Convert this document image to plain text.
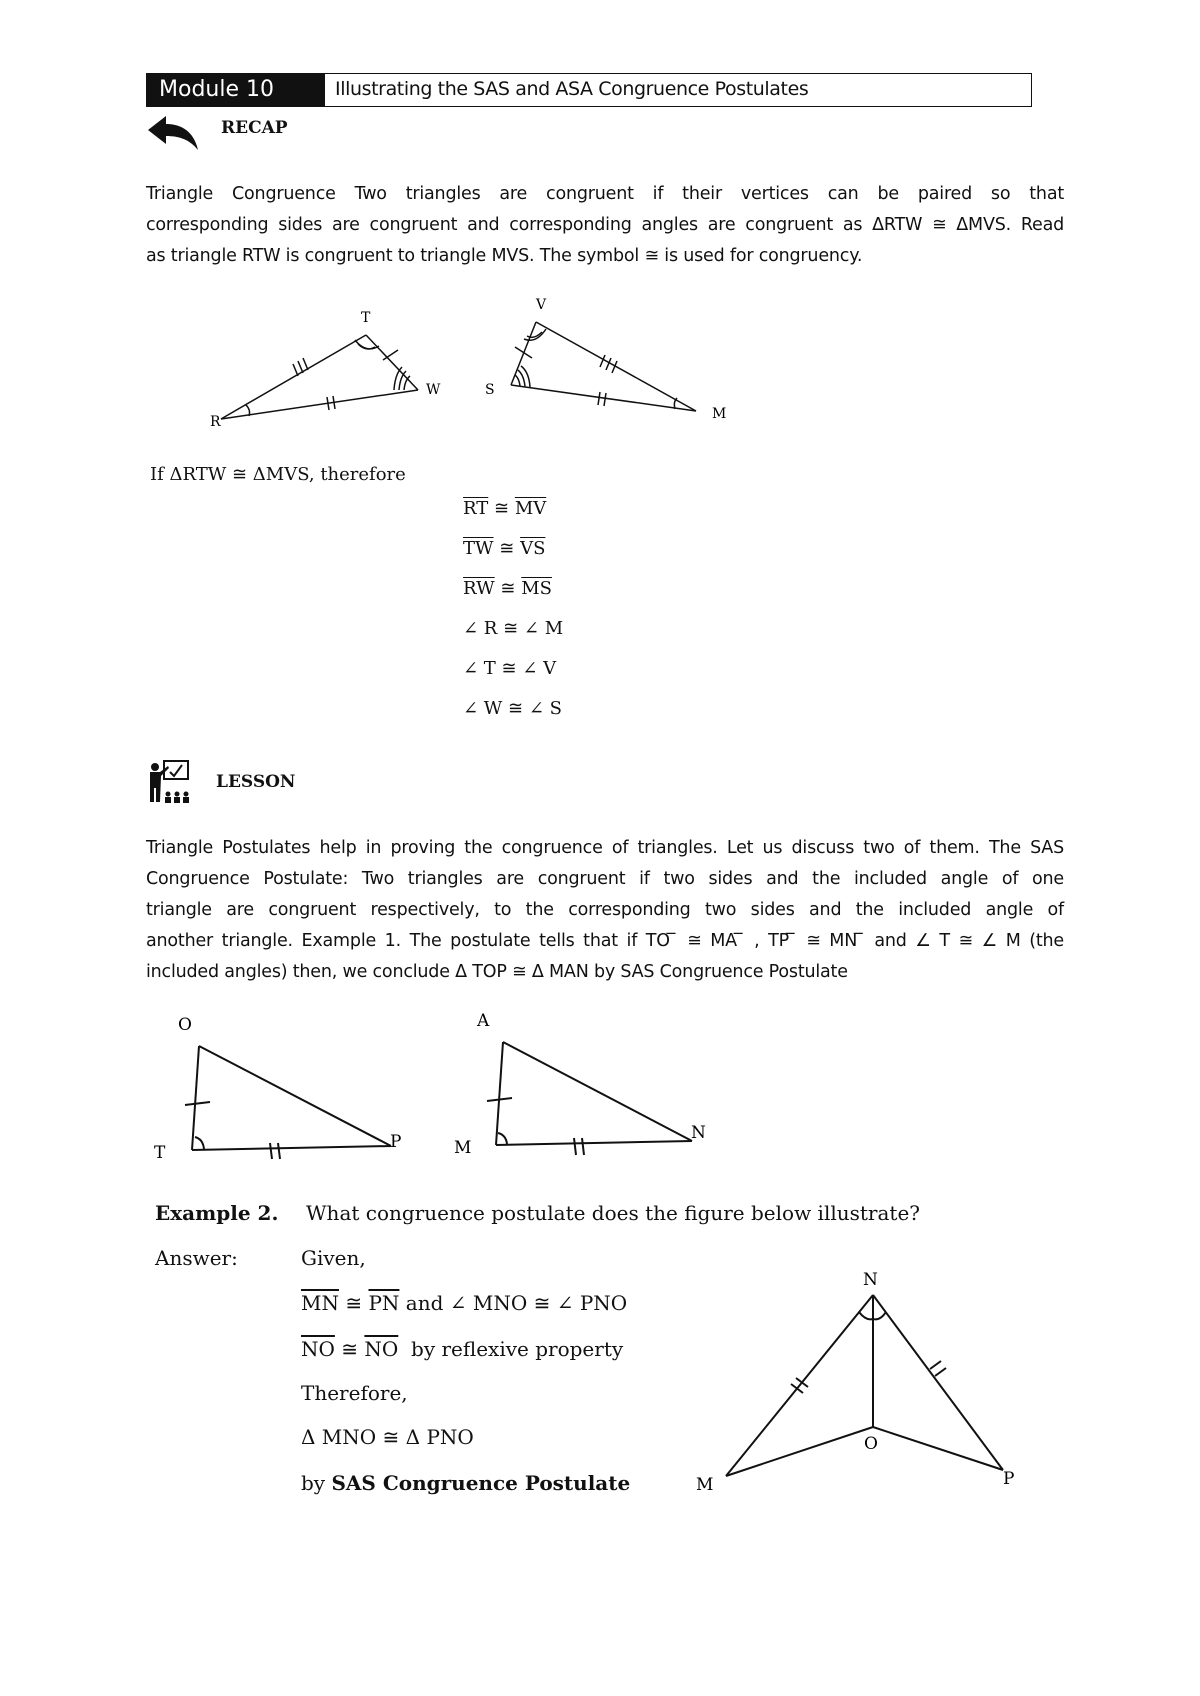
Module 10	Illustrating the SAS and ASA Congruence Postulates
RECAP
Triangle Congruence Two triangles are congruent if their vertices can be paired so that
corresponding sides are congruent and corresponding angles are congruent as ΔRTW ≅ ΔMVS. Read
as triangle RTW is congruent to triangle MVS. The symbol ≅ is used for congruency.
R
T
W
V
S
M
If ΔRTW ≅ ΔMVS, therefore
$\overline{RT}$ ≅ $\overline{MV}$
$\overline{TW}$ ≅ $\overline{VS}$
$\overline{RW}$ ≅ $\overline{MS}$
∠ R ≅ ∠ M
∠ T ≅ ∠ V
∠ W ≅ ∠ S
LESSON
Triangle Postulates help in proving the congruence of triangles. Let us discuss two of them. The SAS
Congruence Postulate: Two triangles are congruent if two sides and the included angle of one
triangle are congruent respectively, to the corresponding two sides and the included angle of
another triangle. Example 1. The postulate tells that if TO ̅ ≅ MA ̅ , TP ̅ ≅ MN ̅ and ∠ T ≅ ∠ M (the
included angles) then, we conclude Δ TOP ≅ Δ MAN by SAS Congruence Postulate
O
T
P
A
M
N
Example 2. What congruence postulate does the figure below illustrate?
Answer:	Given,
$\overline{MN}$ ≅ $\overline{PN}$ and ∠ MNO ≅ ∠ PNO
$\overline{NO}$ ≅ $\overline{NO}$ by reflexive property
Therefore,
Δ MNO ≅ Δ PNO
by SAS Congruence Postulate
N
O
M	P
